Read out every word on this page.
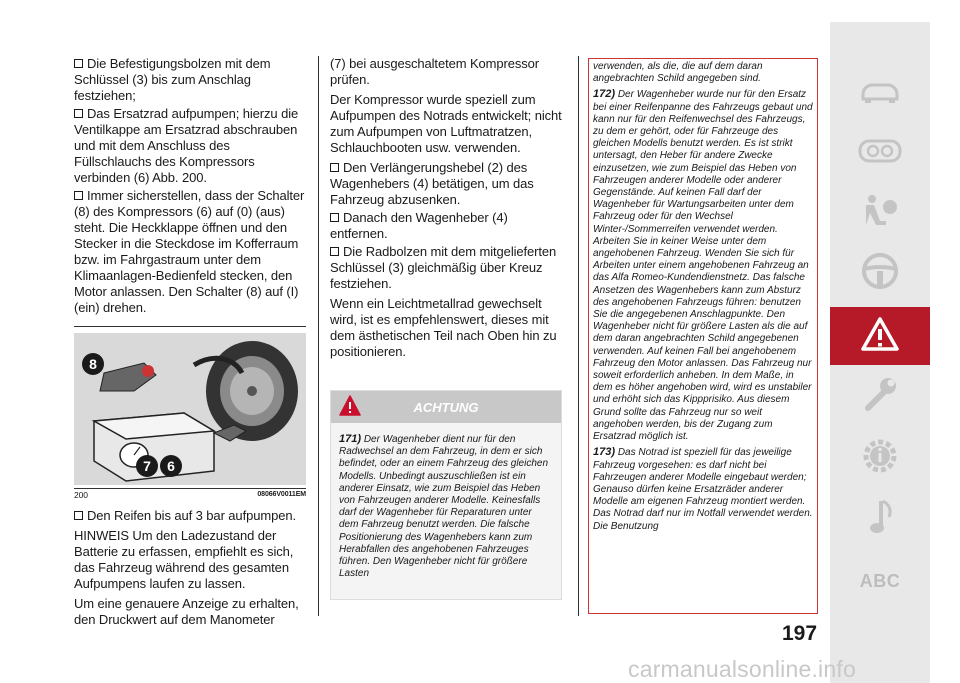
Die Befestigungsbolzen mit dem Schlüssel (3) bis zum Anschlag festziehen;
Das Ersatzrad aufpumpen; hierzu die Ventilkappe am Ersatzrad abschrauben und mit dem Anschluss des Füllschlauchs des Kompressors verbinden (6) Abb. 200.
Immer sicherstellen, dass der Schalter (8) des Kompressors (6) auf (0) (aus) steht. Die Heckklappe öffnen und den Stecker in die Steckdose im Kofferraum bzw. im Fahrgastraum unter dem Klimaanlagen-Bedienfeld stecken, den Motor anlassen. Den Schalter (8) auf (I) (ein) drehen.
8
7	6
200	08066V0011EM
Den Reifen bis auf 3 bar aufpumpen.
HINWEIS Um den Ladezustand der Batterie zu erfassen, empfiehlt es sich, das Fahrzeug während des gesamten Aufpumpens laufen zu lassen.
Um eine genauere Anzeige zu erhalten, den Druckwert auf dem Manometer
(7) bei ausgeschaltetem Kompressor prüfen.
Der Kompressor wurde speziell zum Aufpumpen des Notrads entwickelt; nicht zum Aufpumpen von Luftmatratzen, Schlauchbooten usw. verwenden.
Den Verlängerungshebel (2) des Wagenhebers (4) betätigen, um das Fahrzeug abzusenken.
Danach den Wagenheber (4) entfernen.
Die Radbolzen mit dem mitgelieferten Schlüssel (3) gleichmäßig über Kreuz festziehen.
Wenn ein Leichtmetallrad gewechselt wird, ist es empfehlenswert, dieses mit dem ästhetischen Teil nach Oben hin zu positionieren.
ACHTUNG
171) Der Wagenheber dient nur für den Radwechsel an dem Fahrzeug, in dem er sich befindet, oder an einem Fahrzeug des gleichen Modells. Unbedingt auszuschließen ist ein anderer Einsatz, wie zum Beispiel das Heben von Fahrzeugen anderer Modelle. Keinesfalls darf der Wagenheber für Reparaturen unter dem Fahrzeug benutzt werden. Die falsche Positionierung des Wagenhebers kann zum Herabfallen des angehobenen Fahrzeuges führen. Den Wagenheber nicht für größere Lasten
verwenden, als die, die auf dem daran angebrachten Schild angegeben sind.
172) Der Wagenheber wurde nur für den Ersatz bei einer Reifenpanne des Fahrzeugs gebaut und kann nur für den Reifenwechsel des Fahrzeugs, zu dem er gehört, oder für Fahrzeuge des gleichen Modells benutzt werden. Es ist strikt untersagt, den Heber für andere Zwecke einzusetzen, wie zum Beispiel das Heben von Fahrzeugen anderer Modelle oder anderer Gegenstände. Auf keinen Fall darf der Wagenheber für Wartungsarbeiten unter dem Fahrzeug oder für den Wechsel Winter-/Sommerreifen verwendet werden. Arbeiten Sie in keiner Weise unter dem angehobenen Fahrzeug. Wenden Sie sich für Arbeiten unter einem angehobenen Fahrzeug an das Alfa Romeo-Kundendienstnetz. Das falsche Ansetzen des Wagenhebers kann zum Absturz des angehobenen Fahrzeugs führen: benutzen Sie die angegebenen Anschlagpunkte. Den Wagenheber nicht für größere Lasten als die auf dem daran angebrachten Schild angegebenen verwenden. Auf keinen Fall bei angehobenem Fahrzeug den Motor anlassen. Das Fahrzeug nur soweit erforderlich anheben. In dem Maße, in dem es höher angehoben wird, wird es unstabiler und erhöht sich das Kippprisiko. Aus diesem Grund sollte das Fahrzeug nur so weit angehoben werden, bis der Zugang zum Ersatzrad möglich ist.
173) Das Notrad ist speziell für das jeweilige Fahrzeug vorgesehen: es darf nicht bei Fahrzeugen anderer Modelle eingebaut werden; Genauso dürfen keine Ersatzräder anderer Modelle am eigenen Fahrzeug montiert werden. Das Notrad darf nur im Notfall verwendet werden. Die Benutzung
ABC
197
carmanualsonline.info
